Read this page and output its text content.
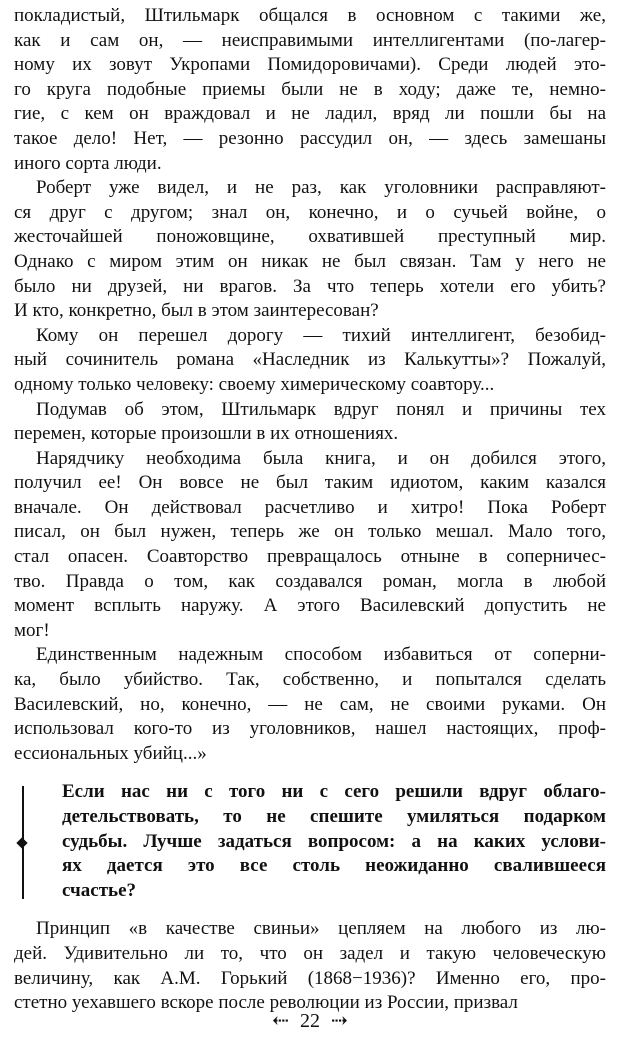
покладистый, Штильмарк общался в основном с такими же,
как и сам он, — неисправимыми интеллигентами (по-лагер-
ному их зовут Укропами Помидоровичами). Среди людей это-
го круга подобные приемы были не в ходу; даже те, немно-
гие, с кем он враждовал и не ладил, вряд ли пошли бы на
такое дело! Нет, — резонно рассудил он, — здесь замешаны
иного сорта люди.

Роберт уже видел, и не раз, как уголовники расправляют-
ся друг с другом; знал он, конечно, и о сучьей войне, о
жесточайшей поножовщине, охватившей преступный мир.
Однако с миром этим он никак не был связан. Там у него не
было ни друзей, ни врагов. За что теперь хотели его убить?
И кто, конкретно, был в этом заинтересован?

Кому он перешел дорогу — тихий интеллигент, безобид-
ный сочинитель романа «Наследник из Калькутты»? Пожалуй,
одному только человеку: своему химерическому соавтору...

Подумав об этом, Штильмарк вдруг понял и причины тех
перемен, которые произошли в их отношениях.

Нарядчику необходима была книга, и он добился этого,
получил ее! Он вовсе не был таким идиотом, каким казался
вначале. Он действовал расчетливо и хитро! Пока Роберт
писал, он был нужен, теперь же он только мешал. Мало того,
стал опасен. Соавторство превращалось отныне в соперничес-
тво. Правда о том, как создавался роман, могла в любой
момент всплыть наружу. А этого Василевский допустить не
мог!

Единственным надежным способом избавиться от соперни-
ка, было убийство. Так, собственно, и попытался сделать
Василевский, но, конечно, — не сам, не своими руками. Он
использовал кого-то из уголовников, нашел настоящих, проф-
ессиональных убийц...»

Если нас ни с того ни с сего решили вдруг облаго-
детельствовать, то не спешите умиляться подарком
судьбы. Лучше задаться вопросом: а на каких услови-
ях дается это все столь неожиданно свалившееся
счастье?
Принцип «в качестве свиньи» цепляем на любого из лю-
дей. Удивительно ли то, что он задел и такую человеческую
величину, как А.М. Горький (1868−1936)? Именно его, про-
стетно уехавшего вскоре после революции из России, призвал
⇠ 22 ⇢
